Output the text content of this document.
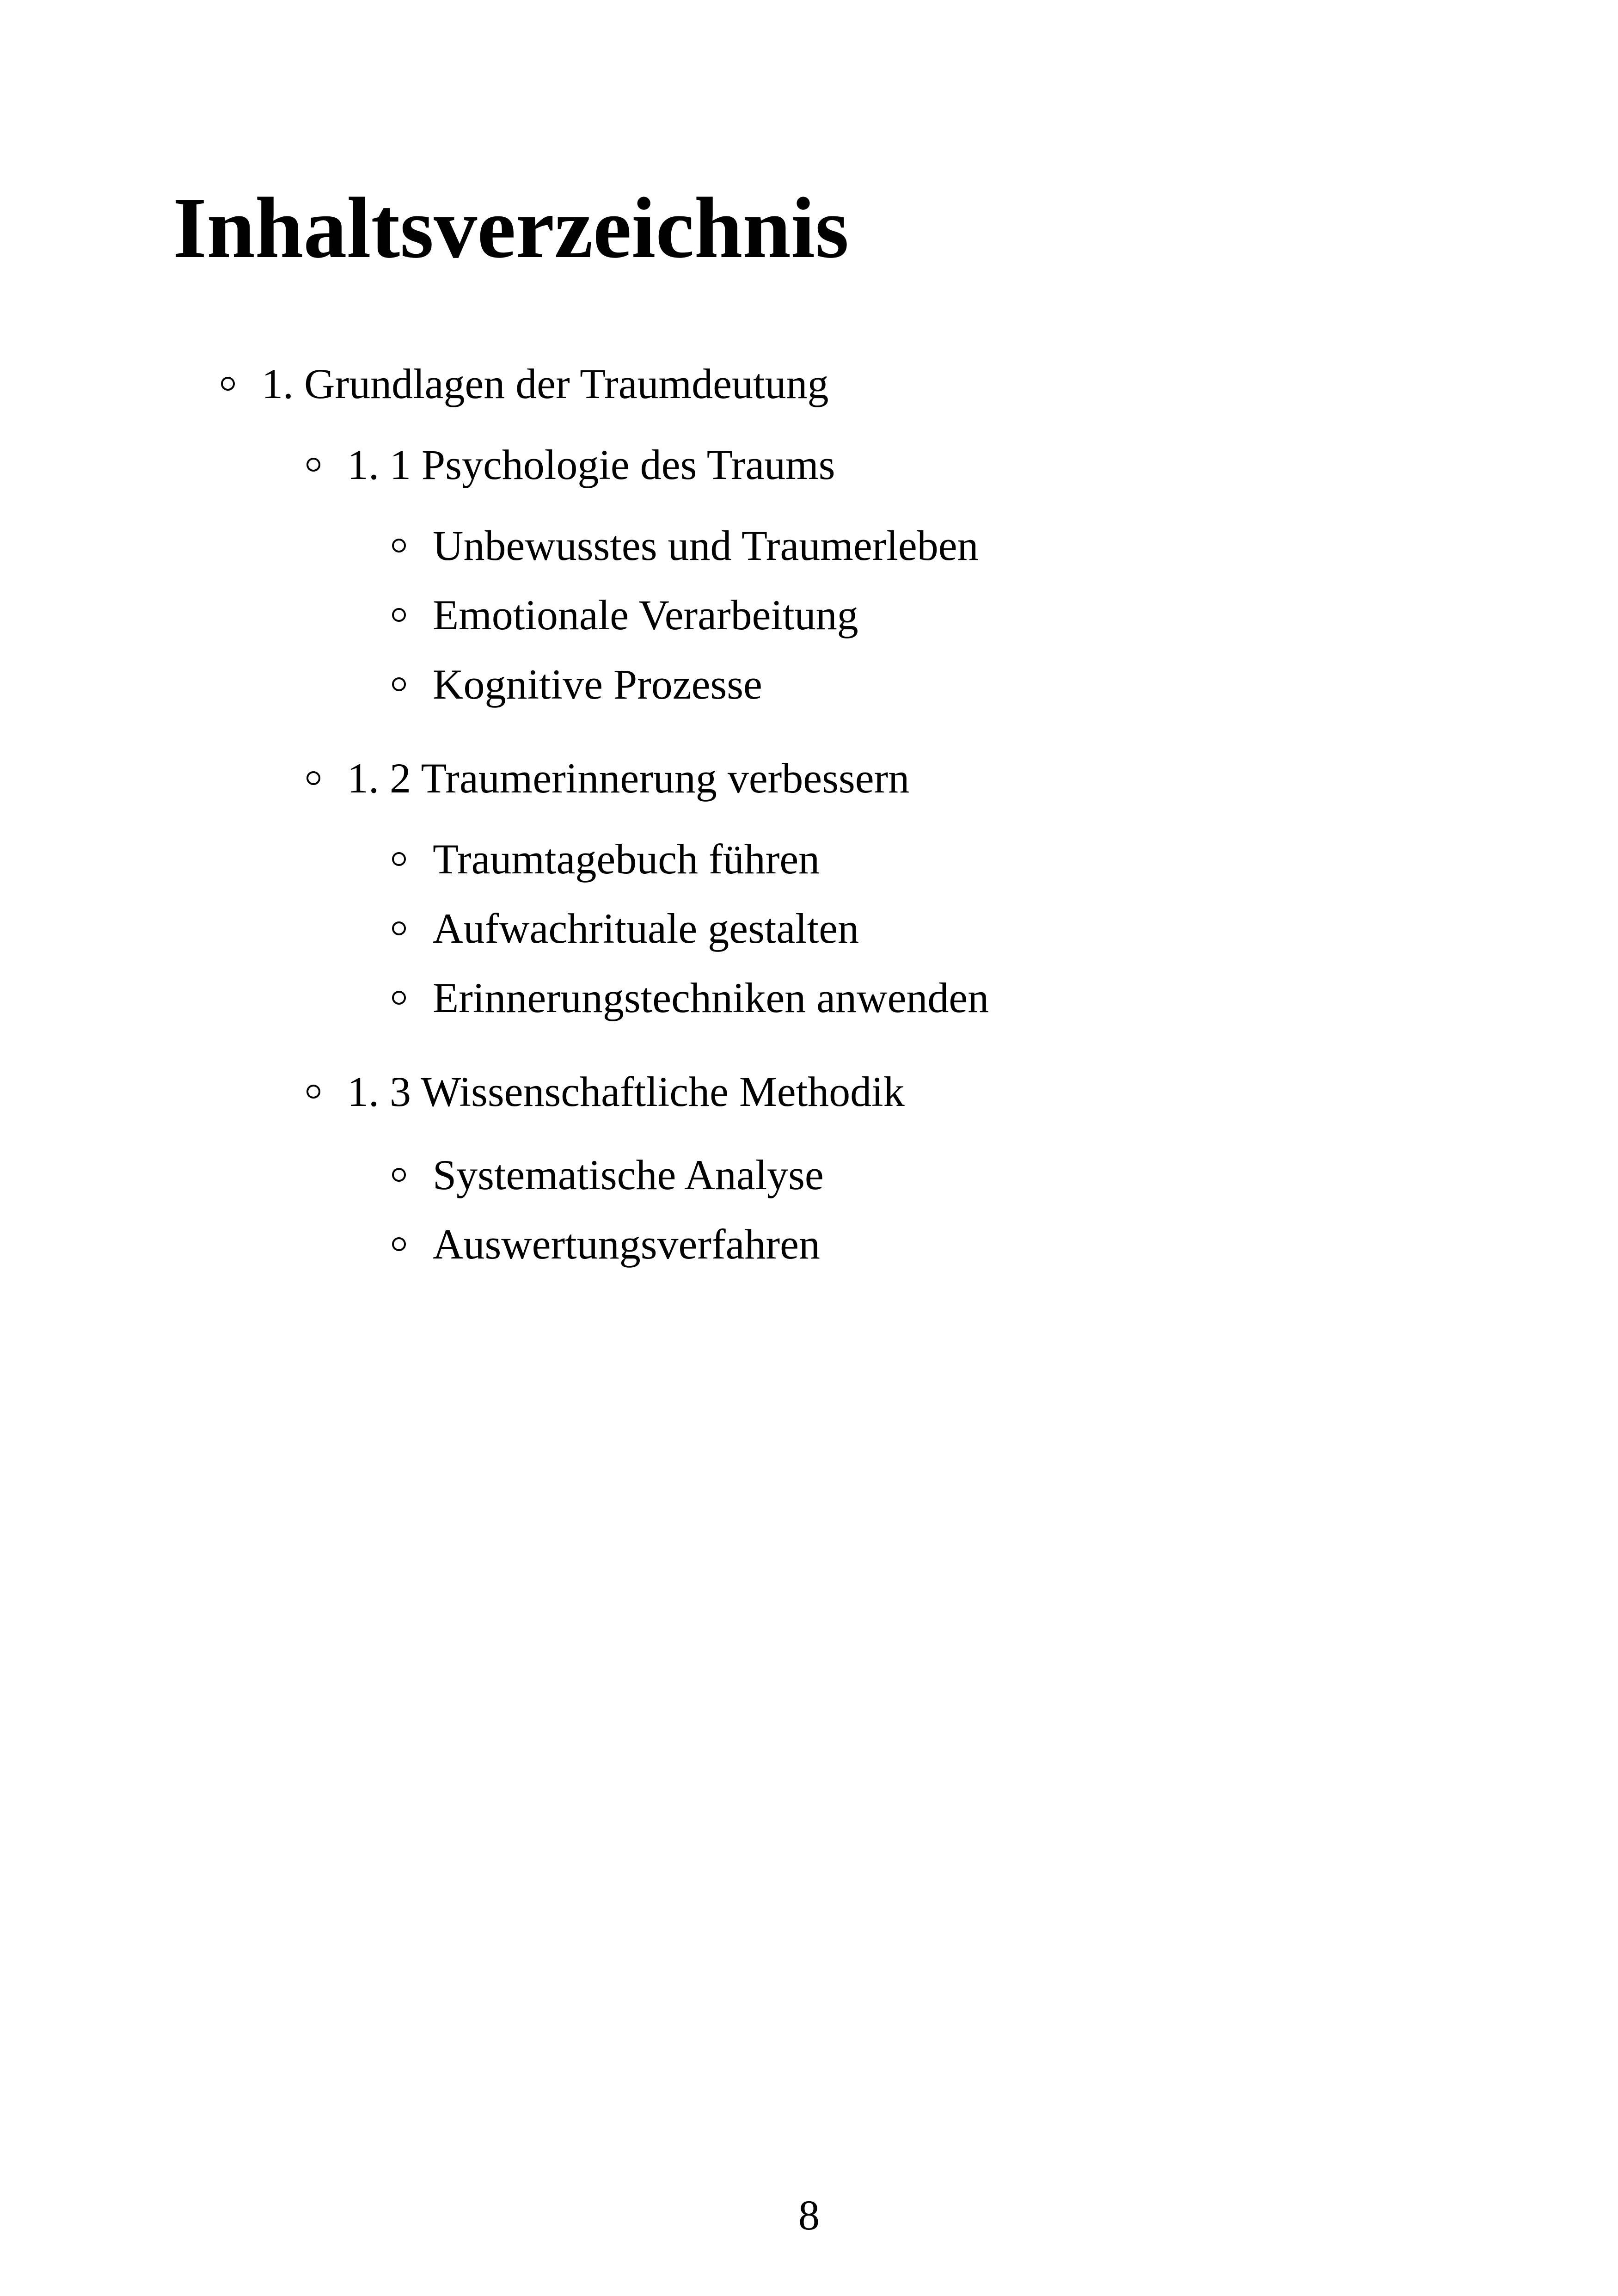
Inhaltsverzeichnis
1. Grundlagen der Traumdeutung
1. 1 Psychologie des Traums
Unbewusstes und Traumerleben
Emotionale Verarbeitung
Kognitive Prozesse
1. 2 Traumerinnerung verbessern
Traumtagebuch führen
Aufwachrituale gestalten
Erinnerungstechniken anwenden
1. 3 Wissenschaftliche Methodik
Systematische Analyse
Auswertungsverfahren
8
